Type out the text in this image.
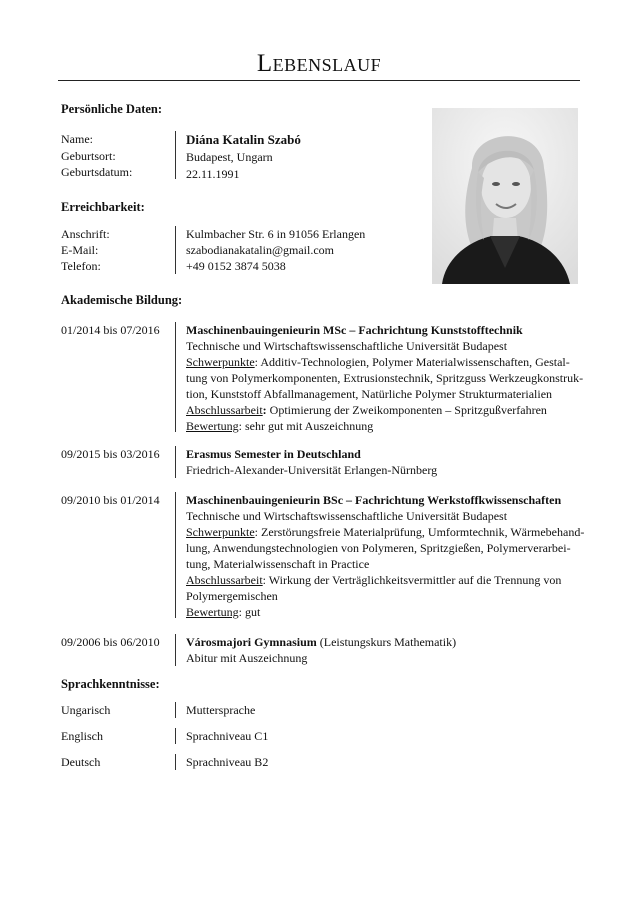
Lebenslauf
Persönliche Daten:
Name:	Diána Katalin Szabó
Geburtsort:	Budapest, Ungarn
Geburtsdatum:	22.11.1991
Erreichbarkeit:
Anschrift:	Kulmbacher Str. 6 in 91056 Erlangen
E-Mail:	szabodianakatalin@gmail.com
Telefon:	+49 0152 3874 5038
Akademische Bildung:
01/2014 bis 07/2016 Maschinenbauingenieurin MSc – Fachrichtung Kunststofftechnik
Technische und Wirtschaftswissenschaftliche Universität Budapest
Schwerpunkte: Additiv-Technologien, Polymer Materialwissenschaften, Gestal-
tung von Polymerkomponenten, Extrusionstechnik, Spritzguss Werkzeugkonstruk-
tion, Kunststoff Abfallmanagement, Natürliche Polymer Strukturmaterialien
Abschlussarbeit: Optimierung der Zweikomponenten – Spritzgußverfahren
Bewertung: sehr gut mit Auszeichnung
09/2015 bis 03/2016 Erasmus Semester in Deutschland
Friedrich-Alexander-Universität Erlangen-Nürnberg
09/2010 bis 01/2014 Maschinenbauingenieurin BSc – Fachrichtung Werkstoffkwissenschaften
Technische und Wirtschaftswissenschaftliche Universität Budapest
Schwerpunkte: Zerstörungsfreie Materialprüfung, Umformtechnik, Wärmebehand-
lung, Anwendungstechnologien von Polymeren, Spritzgießen, Polymerverarbei-
tung, Materialwissenschaft in Practice
Abschlussarbeit: Wirkung der Verträglichkeitsvermittler auf die Trennung von
Polymergemischen
Bewertung: gut
09/2006 bis 06/2010 Városmajori Gymnasium (Leistungskurs Mathematik)
Abitur mit Auszeichnung
Sprachkenntnisse:
Ungarisch	Muttersprache
Englisch	Sprachniveau C1
Deutsch	Sprachniveau B2
